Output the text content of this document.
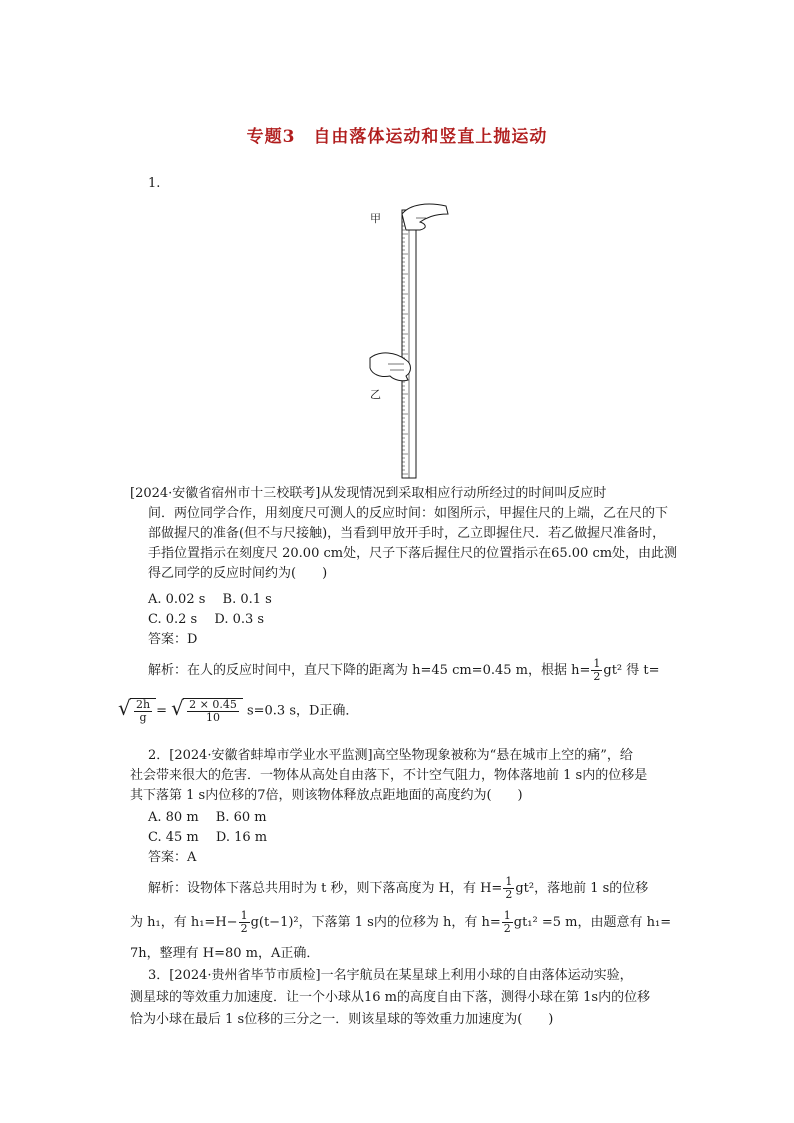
专题3　自由落体运动和竖直上抛运动
1.
甲
乙
[2024·安徽省宿州市十三校联考]从发现情况到采取相应行动所经过的时间叫反应时
间．两位同学合作，用刻度尺可测人的反应时间：如图所示，甲握住尺的上端，乙在尺的下
部做握尺的准备(但不与尺接触)，当看到甲放开手时，乙立即握住尺．若乙做握尺准备时，
手指位置指示在刻度尺 20.00 cm处，尺子下落后握住尺的位置指示在65.00 cm处，由此测
得乙同学的反应时间约为(　　)
A. 0.02 s　 B. 0.1 s
C. 0.2 s　 D. 0.3 s
答案：D
解析：在人的反应时间中，直尺下降的距离为 h=45 cm=0.45 m，根据 $h= \frac{1}{2} gt^2$ 得 t=
√ $\frac{2h}{g}$ = √ $\frac{2 \times 0.45}{10} s=0.3$ s，D正确．
2．[2024·安徽省蚌埠市学业水平监测]高空坠物现象被称为“悬在城市上空的痛”，给
社会带来很大的危害．一物体从高处自由落下，不计空气阻力，物体落地前 1 s内的位移是
其下落第 1 s内位移的7倍，则该物体释放点距地面的高度约为(　　)
A. 80 m　 B. 60 m
C. 45 m　 D. 16 m
答案：A
解析：设物体下落总共用时为 t 秒，则下落高度为 H，有 $H= \frac{1}{2} gt^2$，落地前 1 s的位移
为 h₁，有 $h_1=H- \frac{1}{2} g(t-1)^2$，下落第 1 s内的位移为 h，有 $h= \frac{1}{2} gt_1^2 =5$ m，由题意有 h₁=
7h，整理有 H=80 m，A正确．
3．[2024·贵州省毕节市质检]一名宇航员在某星球上利用小球的自由落体运动实验，
测星球的等效重力加速度．让一个小球从16 m的高度自由下落，测得小球在第 1s内的位移
恰为小球在最后 1 s位移的三分之一．则该星球的等效重力加速度为(　　)
